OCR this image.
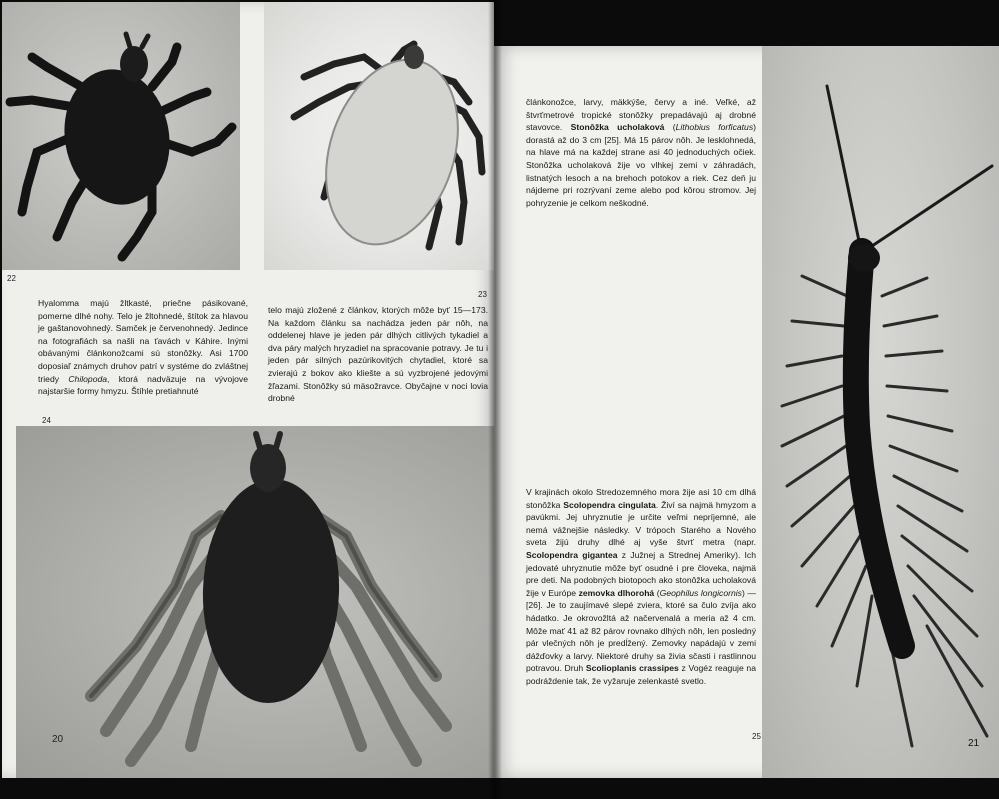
22
23

Hyalomma majú žltkasté, priečne pásikované, pomerne dlhé nohy. Telo je žltohnedé, štítok za hlavou je gaštanovohnedý. Samček je červenohnedý. Jedince na fotografiách sa našli na ťavách v Káhire. Inými obávanými článkonožcami sú stonôžky. Asi 1700 doposiaľ známych druhov patrí v systéme do zvláštnej triedy Chilopoda, ktorá nadväzuje na vývojove najstaršie formy hmyzu. Štíhle pretiahnuté

24

telo majú zložené z článkov, ktorých môže byť 15—173. Na každom článku sa nachádza jeden pár nôh, na oddelenej hlave je jeden pár dlhých citlivých tykadiel a dva páry malých hryzadiel na spracovanie potravy. Je tu i jeden pár silných pazúrikovitých chytadiel, ktoré sa zvierajú z bokov ako kliešte a sú vyzbrojené jedovými žľazami. Stonôžky sú mäsožravce. Obyčajne v noci lovia drobné

20

článkonožce, larvy, mäkkýše, červy a iné. Veľké, až štvrťmetrové tropické stonôžky prepadávajú aj drobné stavovce. Stonôžka ucholaková (Lithobius forficatus) dorastá až do 3 cm [25]. Má 15 párov nôh. Je lesklohnedá, na hlave má na každej strane asi 40 jednoduchých očiek. Stonôžka ucholaková žije vo vlhkej zemi v záhradách, listnatých lesoch a na brehoch potokov a riek. Cez deň ju nájdeme pri rozrývaní zeme alebo pod kôrou stromov. Jej pohryzenie je celkom neškodné.

V krajinách okolo Stredozemného mora žije asi 10 cm dlhá stonôžka Scolopendra cingulata. Živí sa najmä hmyzom a pavúkmi. Jej uhryznutie je určite veľmi nepríjemné, ale nemá vážnejšie následky. V trópoch Starého a Nového sveta žijú druhy dlhé aj vyše štvrť metra (napr. Scolopendra gigantea z Južnej a Strednej Ameriky). Ich jedovaté uhryznutie môže byť osudné i pre človeka, najmä pre deti. Na podobných biotopoch ako stonôžka ucholaková žije v Európe zemovka dlhorohá (Geophilus longicornis) — [26]. Je to zaujímavé slepé zviera, ktoré sa čulo zvíja ako hádatko. Je okrovožltá až načervenalá a meria až 4 cm. Môže mať 41 až 82 párov rovnako dlhých nôh, len posledný pár vlečných nôh je predĺžený. Zemovky napádajú v zemi dážďovky a larvy. Niektoré druhy sa živia sčasti i rastlinnou potravou. Druh Scolioplanis crassipes z Vogéz reaguje na podráždenie tak, že vyžaruje zelenkasté svetlo.

25
21
